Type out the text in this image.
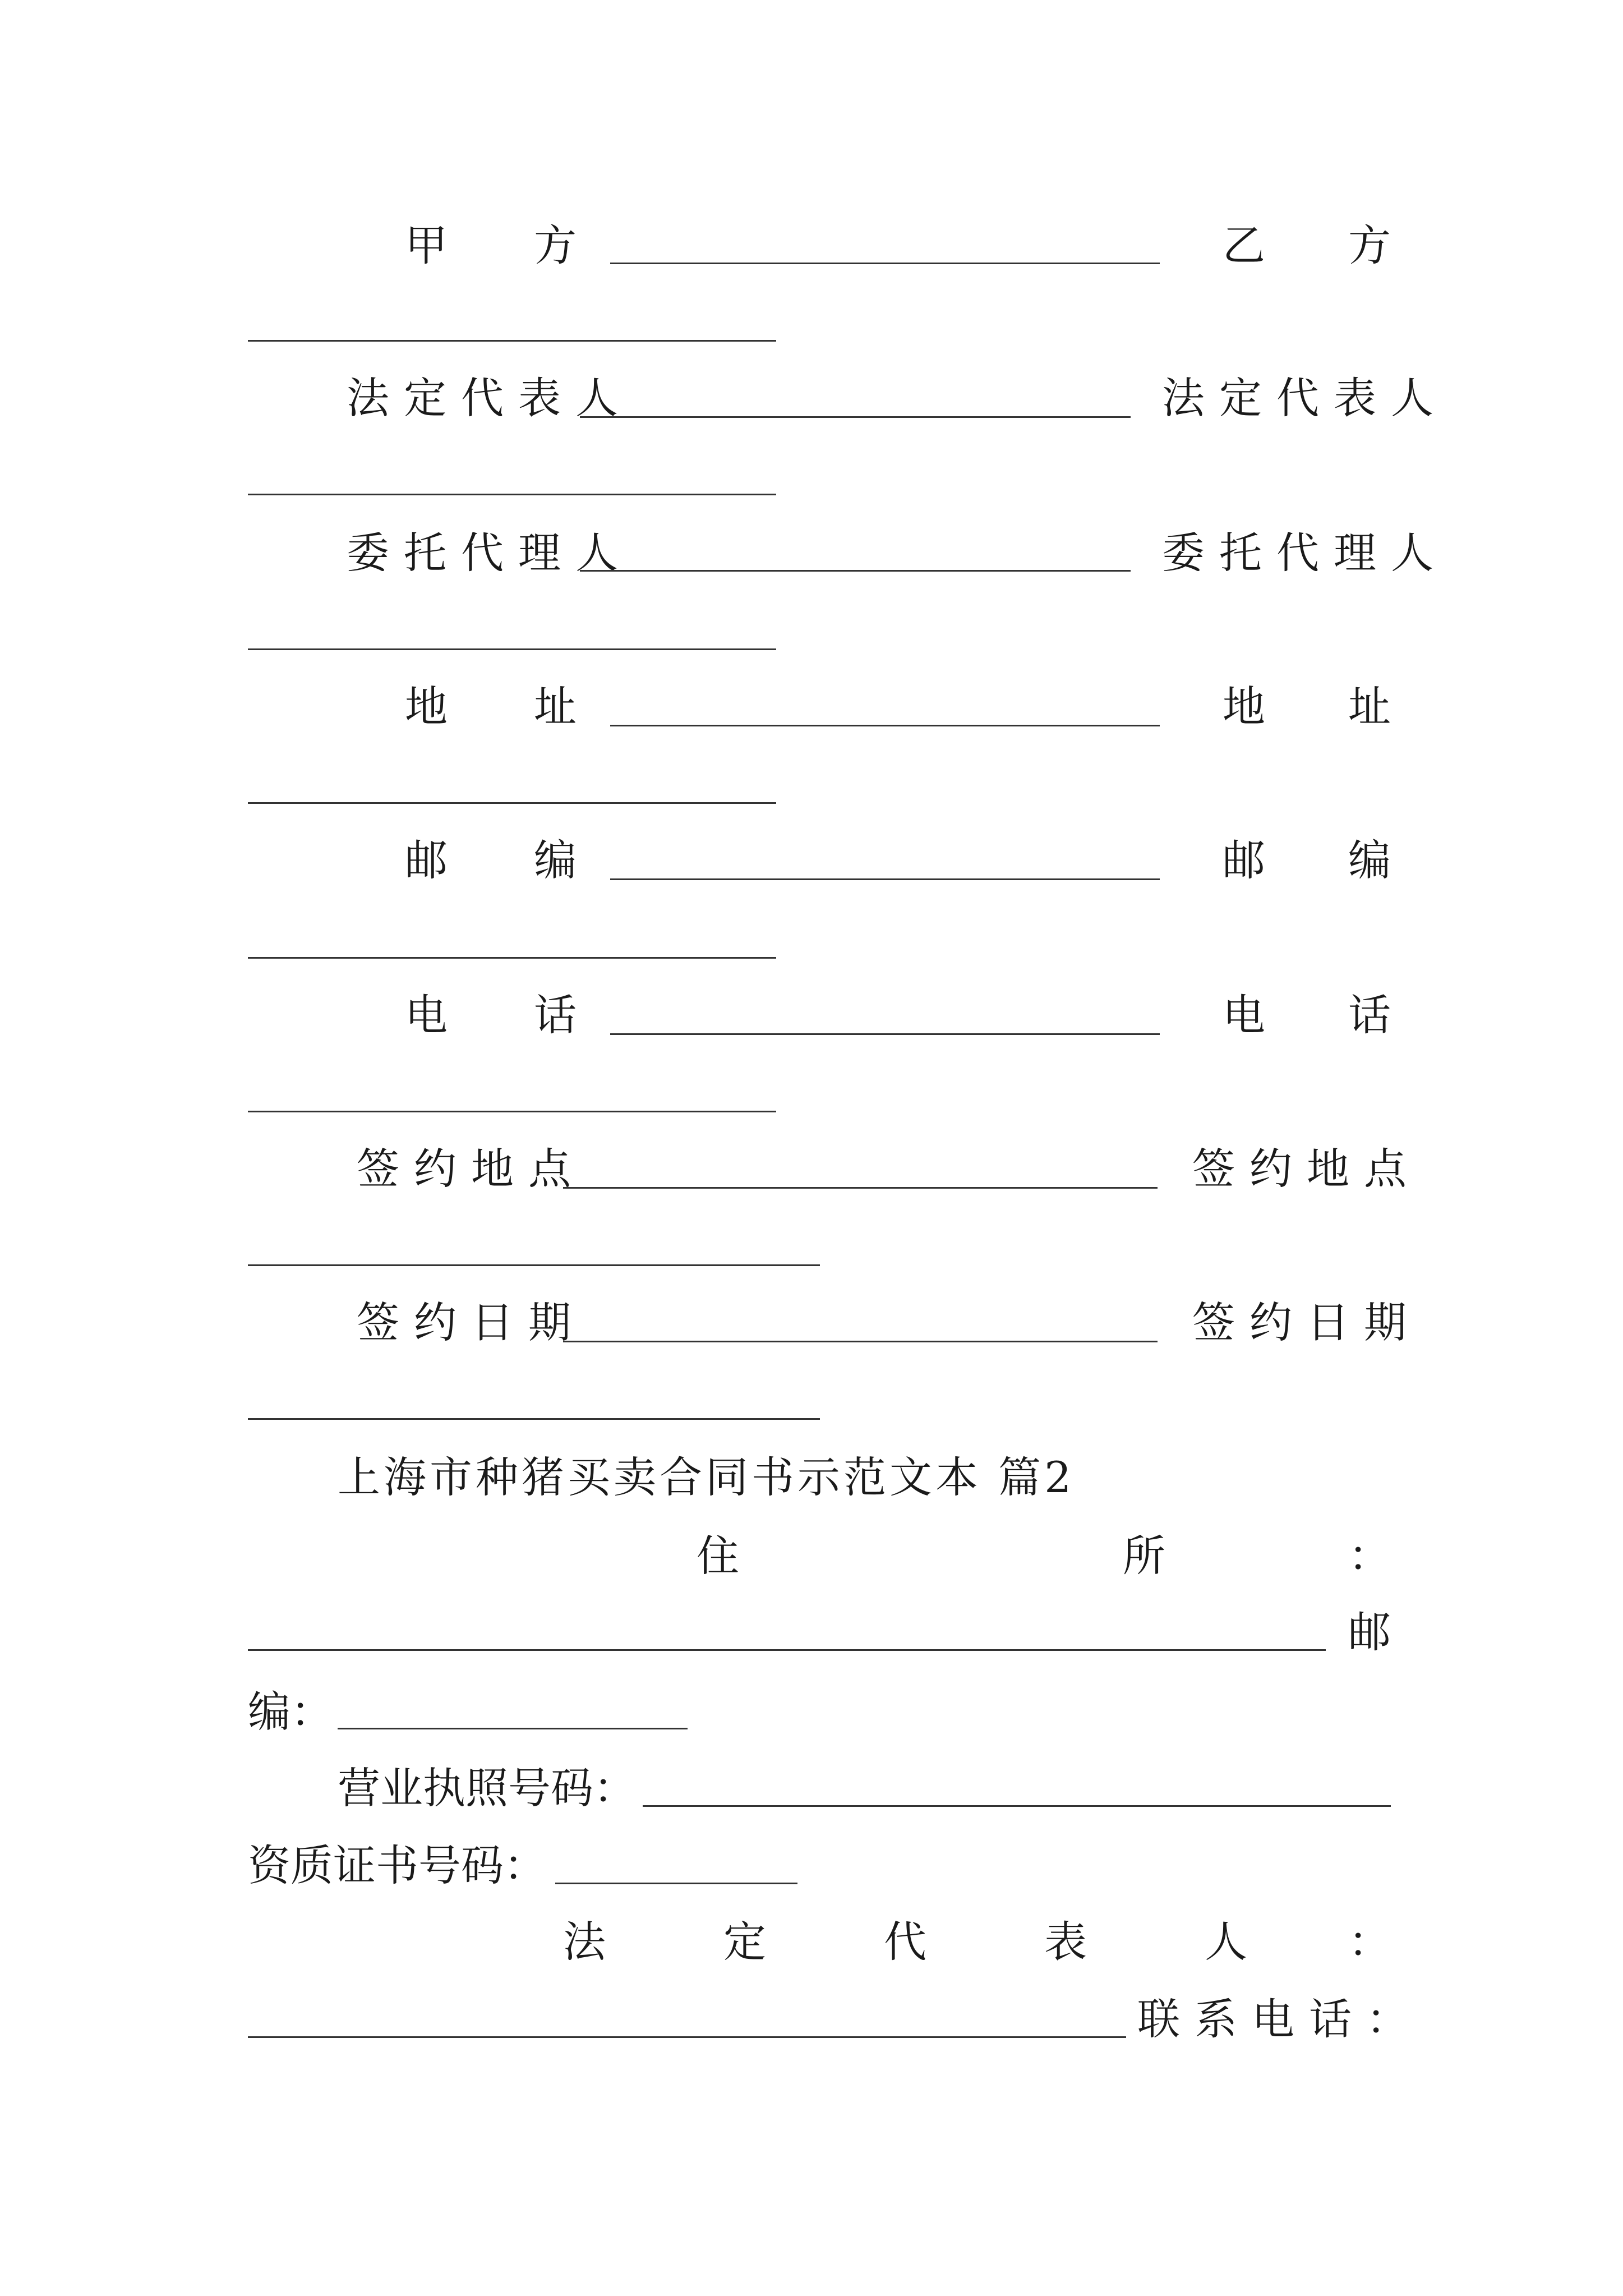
甲 方	乙 方
法定代表人	法定代表人
委托代理人	委托代理人
地 址	地 址
邮 编	邮 编
电 话	电 话
签约地点	签约地点
签约日期	签约日期
上海市种猪买卖合同书示范文本 篇2
住	所	：
邮
编：
营业执照号码：
资质证书号码：
法	定	代	表	人 ：
联系电话：
